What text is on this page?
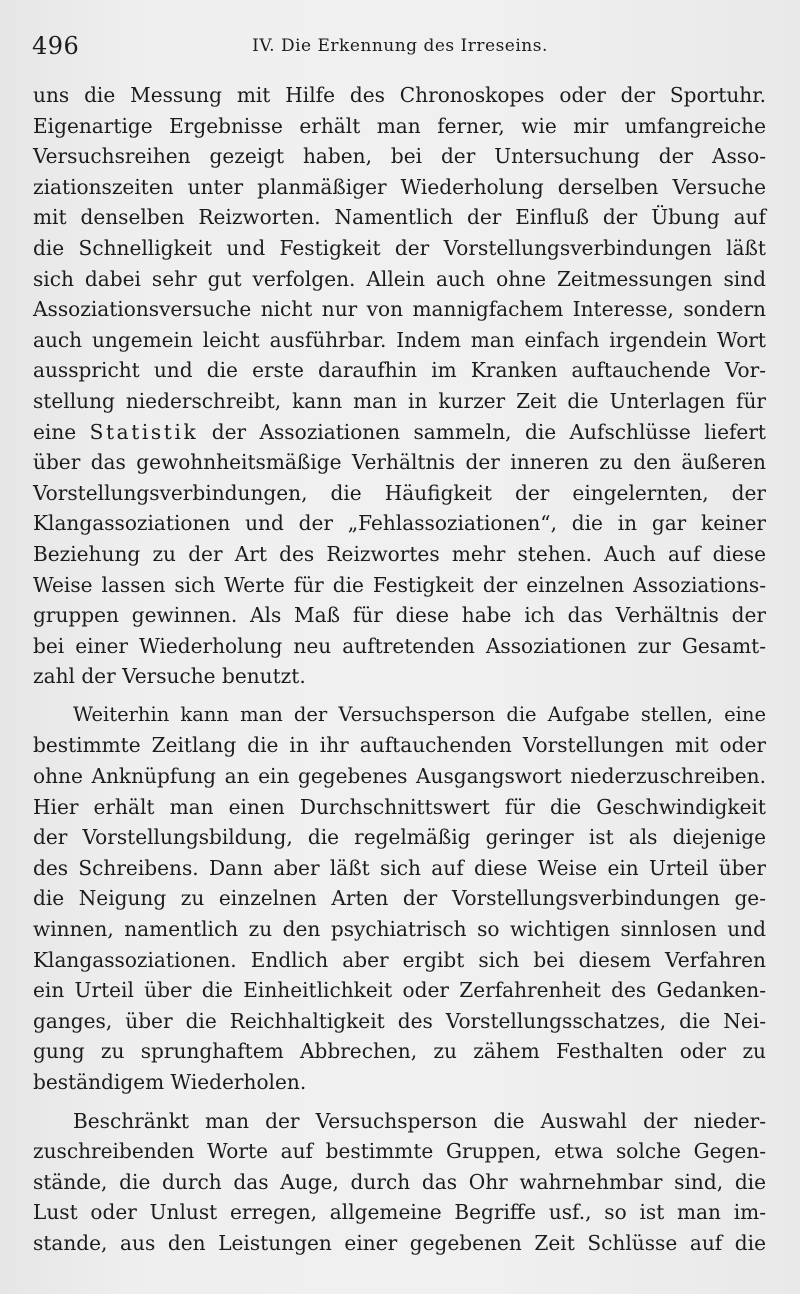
496	IV. Die Erkennung des Irreseins.

uns die Messung mit Hilfe des Chronoskopes oder der Sportuhr.
Eigenartige Ergebnisse erhält man ferner, wie mir umfangreiche
Versuchsreihen gezeigt haben, bei der Untersuchung der Asso-
ziationszeiten unter planmäßiger Wiederholung derselben Versuche
mit denselben Reizworten. Namentlich der Einfluß der Übung auf
die Schnelligkeit und Festigkeit der Vorstellungsverbindungen läßt
sich dabei sehr gut verfolgen. Allein auch ohne Zeitmessungen sind
Assoziationsversuche nicht nur von mannigfachem Interesse, sondern
auch ungemein leicht ausführbar. Indem man einfach irgendein Wort
ausspricht und die erste daraufhin im Kranken auftauchende Vor-
stellung niederschreibt, kann man in kurzer Zeit die Unterlagen für
eine Statistik der Assoziationen sammeln, die Aufschlüsse liefert
über das gewohnheitsmäßige Verhältnis der inneren zu den äußeren
Vorstellungsverbindungen, die Häufigkeit der eingelernten, der
Klangassoziationen und der „Fehlassoziationen“, die in gar keiner
Beziehung zu der Art des Reizwortes mehr stehen. Auch auf diese
Weise lassen sich Werte für die Festigkeit der einzelnen Assoziations-
gruppen gewinnen. Als Maß für diese habe ich das Verhältnis der
bei einer Wiederholung neu auftretenden Assoziationen zur Gesamt-
zahl der Versuche benutzt.

Weiterhin kann man der Versuchsperson die Aufgabe stellen, eine
bestimmte Zeitlang die in ihr auftauchenden Vorstellungen mit oder
ohne Anknüpfung an ein gegebenes Ausgangswort niederzuschreiben.
Hier erhält man einen Durchschnittswert für die Geschwindigkeit
der Vorstellungsbildung, die regelmäßig geringer ist als diejenige
des Schreibens. Dann aber läßt sich auf diese Weise ein Urteil über
die Neigung zu einzelnen Arten der Vorstellungsverbindungen ge-
winnen, namentlich zu den psychiatrisch so wichtigen sinnlosen und
Klangassoziationen. Endlich aber ergibt sich bei diesem Verfahren
ein Urteil über die Einheitlichkeit oder Zerfahrenheit des Gedanken-
ganges, über die Reichhaltigkeit des Vorstellungsschatzes, die Nei-
gung zu sprunghaftem Abbrechen, zu zähem Festhalten oder zu
beständigem Wiederholen.

Beschränkt man der Versuchsperson die Auswahl der nieder-
zuschreibenden Worte auf bestimmte Gruppen, etwa solche Gegen-
stände, die durch das Auge, durch das Ohr wahrnehmbar sind, die
Lust oder Unlust erregen, allgemeine Begriffe usf., so ist man im-
stande, aus den Leistungen einer gegebenen Zeit Schlüsse auf die
